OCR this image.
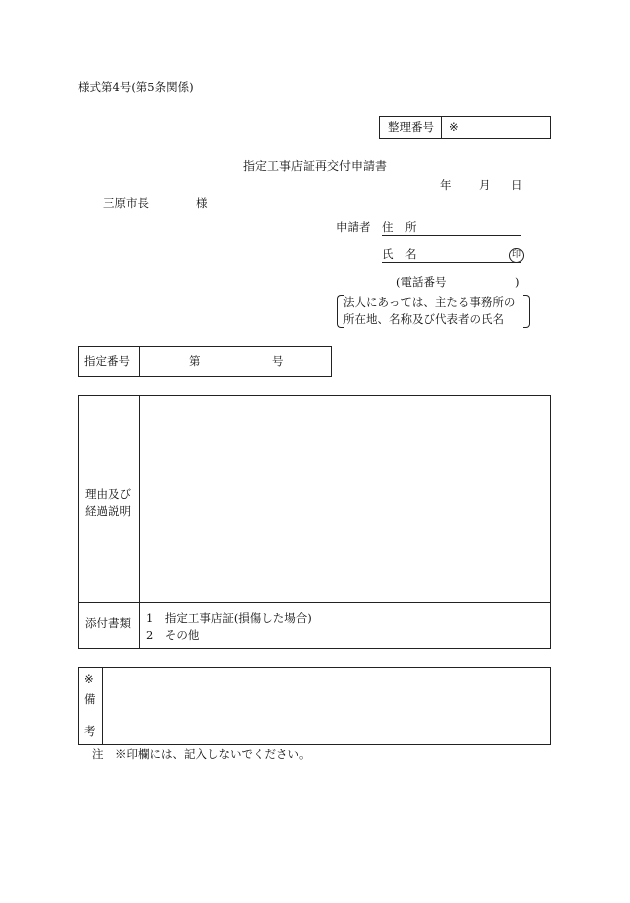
様式第4号(第5条関係)
整理番号 ※
指定工事店証再交付申請書
年 月 日
三原市長	様
申請者 住　所
氏　名	印
(電話番号	)
法人にあっては、主たる事務所の
所在地、名称及び代表者の氏名
指定番号	第	号
理由及び
経過説明
添付書類 1　指定工事店証(損傷した場合)
2　その他
※
備
考
注　※印欄には、記入しないでください。
